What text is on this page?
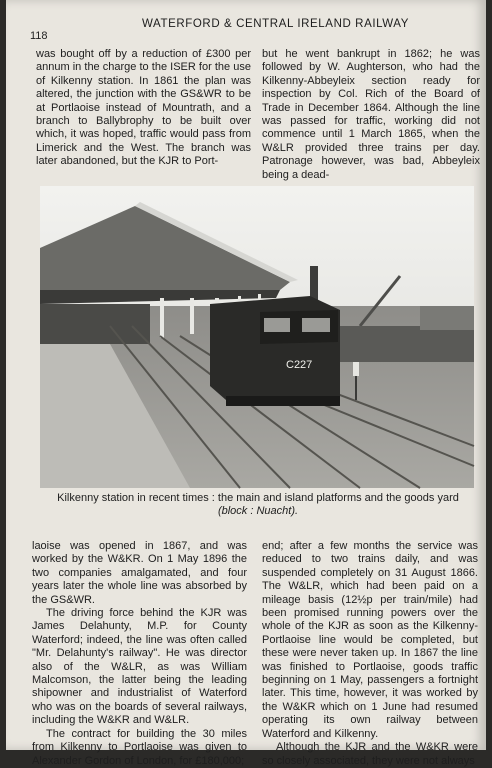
118
WATERFORD & CENTRAL IRELAND RAILWAY

was bought off by a reduction of £300 per annum in the charge to the ISER for the use of Kilkenny station. In 1861 the plan was altered, the junction with the GS&WR to be at Portlaoise instead of Mountrath, and a branch to Ballybrophy to be built over which, it was hoped, traffic would pass from Limerick and the West. The branch was later abandoned, but the KJR to Port-

but he went bankrupt in 1862; he was followed by W. Aughterson, who had the Kilkenny-Abbeyleix section ready for inspection by Col. Rich of the Board of Trade in December 1864. Although the line was passed for traffic, working did not commence until 1 March 1865, when the W&LR provided three trains per day. Patronage however, was bad, Abbeyleix being a dead-

C227
Kilkenny station in recent times : the main and island platforms and the goods yard
(block : Nuacht).

laoise was opened in 1867, and was worked by the W&KR. On 1 May 1896 the two companies amalgamated, and four years later the whole line was absorbed by the GS&WR.

The driving force behind the KJR was James Delahunty, M.P. for County Waterford; indeed, the line was often called "Mr. Delahunty's railway". He was director also of the W&LR, as was William Malcomson, the latter being the leading shipowner and industrialist of Waterford who was on the boards of several railways, including the W&KR and W&LR.

The contract for building the 30 miles from Kilkenny to Portlaoise was given to Alexander Gordon of London, for £180,000;

end; after a few months the service was reduced to two trains daily, and was suspended completely on 31 August 1866. The W&LR, which had been paid on a mileage basis (12½p per train/mile) had been promised running powers over the whole of the KJR as soon as the Kilkenny-Portlaoise line would be completed, but these were never taken up. In 1867 the line was finished to Portlaoise, goods traffic beginning on 1 May, passengers a fortnight later. This time, however, it was worked by the W&KR which on 1 June had resumed operating its own railway between Waterford and Kilkenny.

Although the KJR and the W&KR were so closely associated, they were not always
